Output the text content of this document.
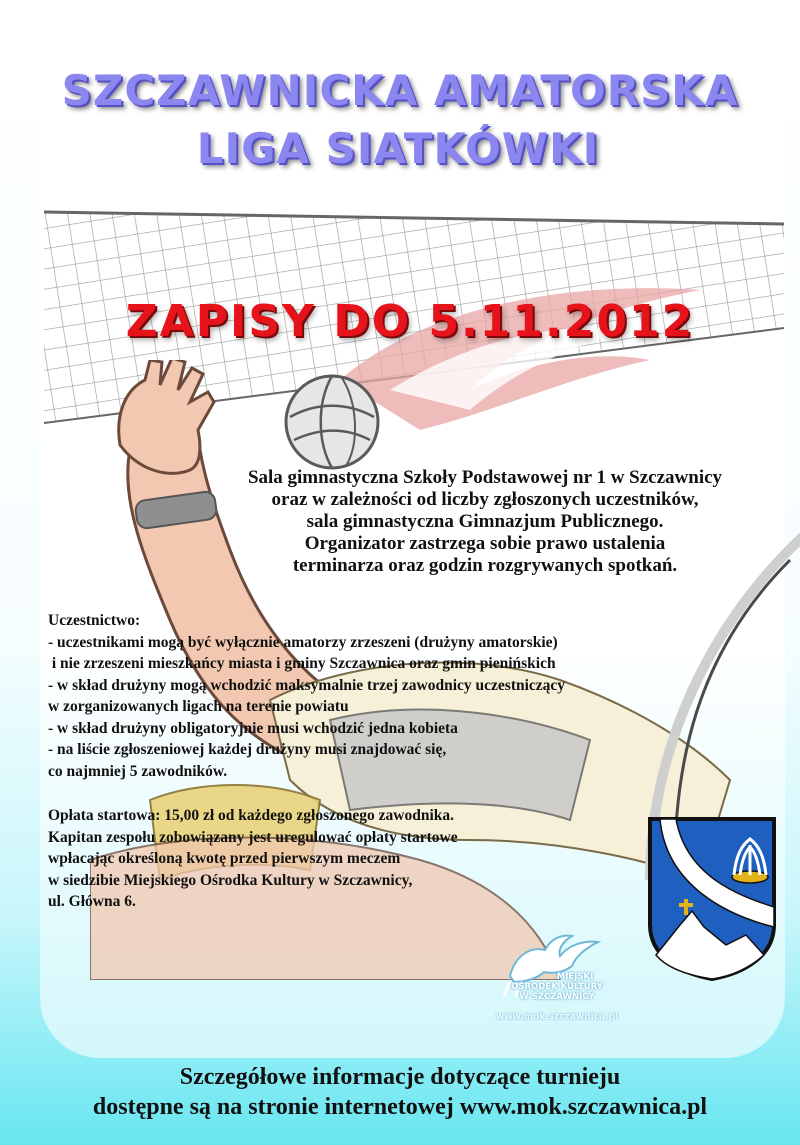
SZCZAWNICKA AMATORSKA
LIGA SIATKÓWKI
ZAPISY DO 5.11.2012
Sala gimnastyczna Szkoły Podstawowej nr 1 w Szczawnicy
oraz w zależności od liczby zgłoszonych uczestników,
sala gimnastyczna Gimnazjum Publicznego.
Organizator zastrzega sobie prawo ustalenia
terminarza oraz godzin rozgrywanych spotkań.
Uczestnictwo:
- uczestnikami mogą być wyłącznie amatorzy zrzeszeni (drużyny amatorskie)
i nie zrzeszeni mieszkańcy miasta i gminy Szczawnica oraz gmin pienińskich
- w skład drużyny mogą wchodzić maksymalnie trzej zawodnicy uczestniczący
w zorganizowanych ligach na terenie powiatu
- w skład drużyny obligatoryjnie musi wchodzić jedna kobieta
- na liście zgłoszeniowej każdej drużyny musi znajdować się,
co najmniej 5 zawodników.
Opłata startowa: 15,00 zł od każdego zgłoszonego zawodnika.
Kapitan zespołu zobowiązany jest uregulować opłaty startowe
wpłacając określoną kwotę przed pierwszym meczem
w siedzibie Miejskiego Ośrodka Kultury w Szczawnicy,
ul. Główna 6.
MIEJSKI
OŚRODEK KULTURY
W SZCZAWNICY
www.mok.szczawnica.pl
Szczegółowe informacje dotyczące turnieju
dostępne są na stronie internetowej www.mok.szczawnica.pl
